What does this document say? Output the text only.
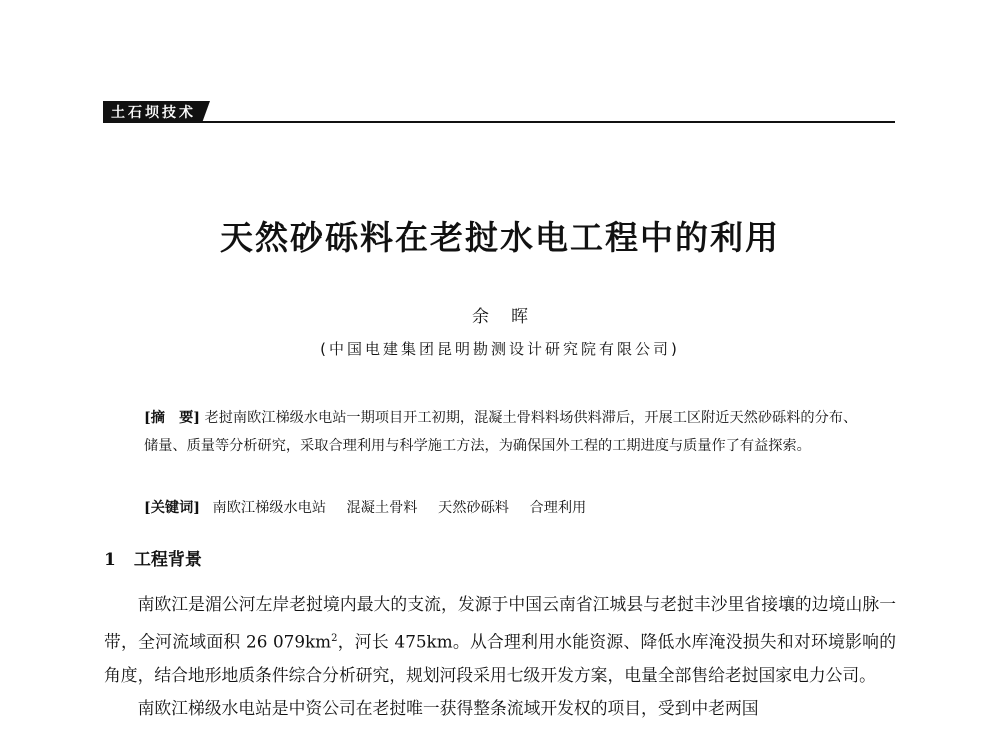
土石坝技术
天然砂砾料在老挝水电工程中的利用
余晖
(中国电建集团昆明勘测设计研究院有限公司)
[摘　要] 老挝南欧江梯级水电站一期项目开工初期，混凝土骨料料场供料滞后，开展工区附近天然砂砾料的分布、储量、质量等分析研究，采取合理利用与科学施工方法，为确保国外工程的工期进度与质量作了有益探索。
[关键词] 南欧江梯级水电站 混凝土骨料 天然砂砾料 合理利用
1 工程背景

南欧江是湄公河左岸老挝境内最大的支流，发源于中国云南省江城县与老挝丰沙里省接壤的边境山脉一带，全河流域面积 26 $079km^2$，河长 475km。从合理利用水能资源、降低水库淹没损失和对环境影响的角度，结合地形地质条件综合分析研究，规划河段采用七级开发方案，电量全部售给老挝国家电力公司。

南欧江梯级水电站是中资公司在老挝唯一获得整条流域开发权的项目，受到中老两国
